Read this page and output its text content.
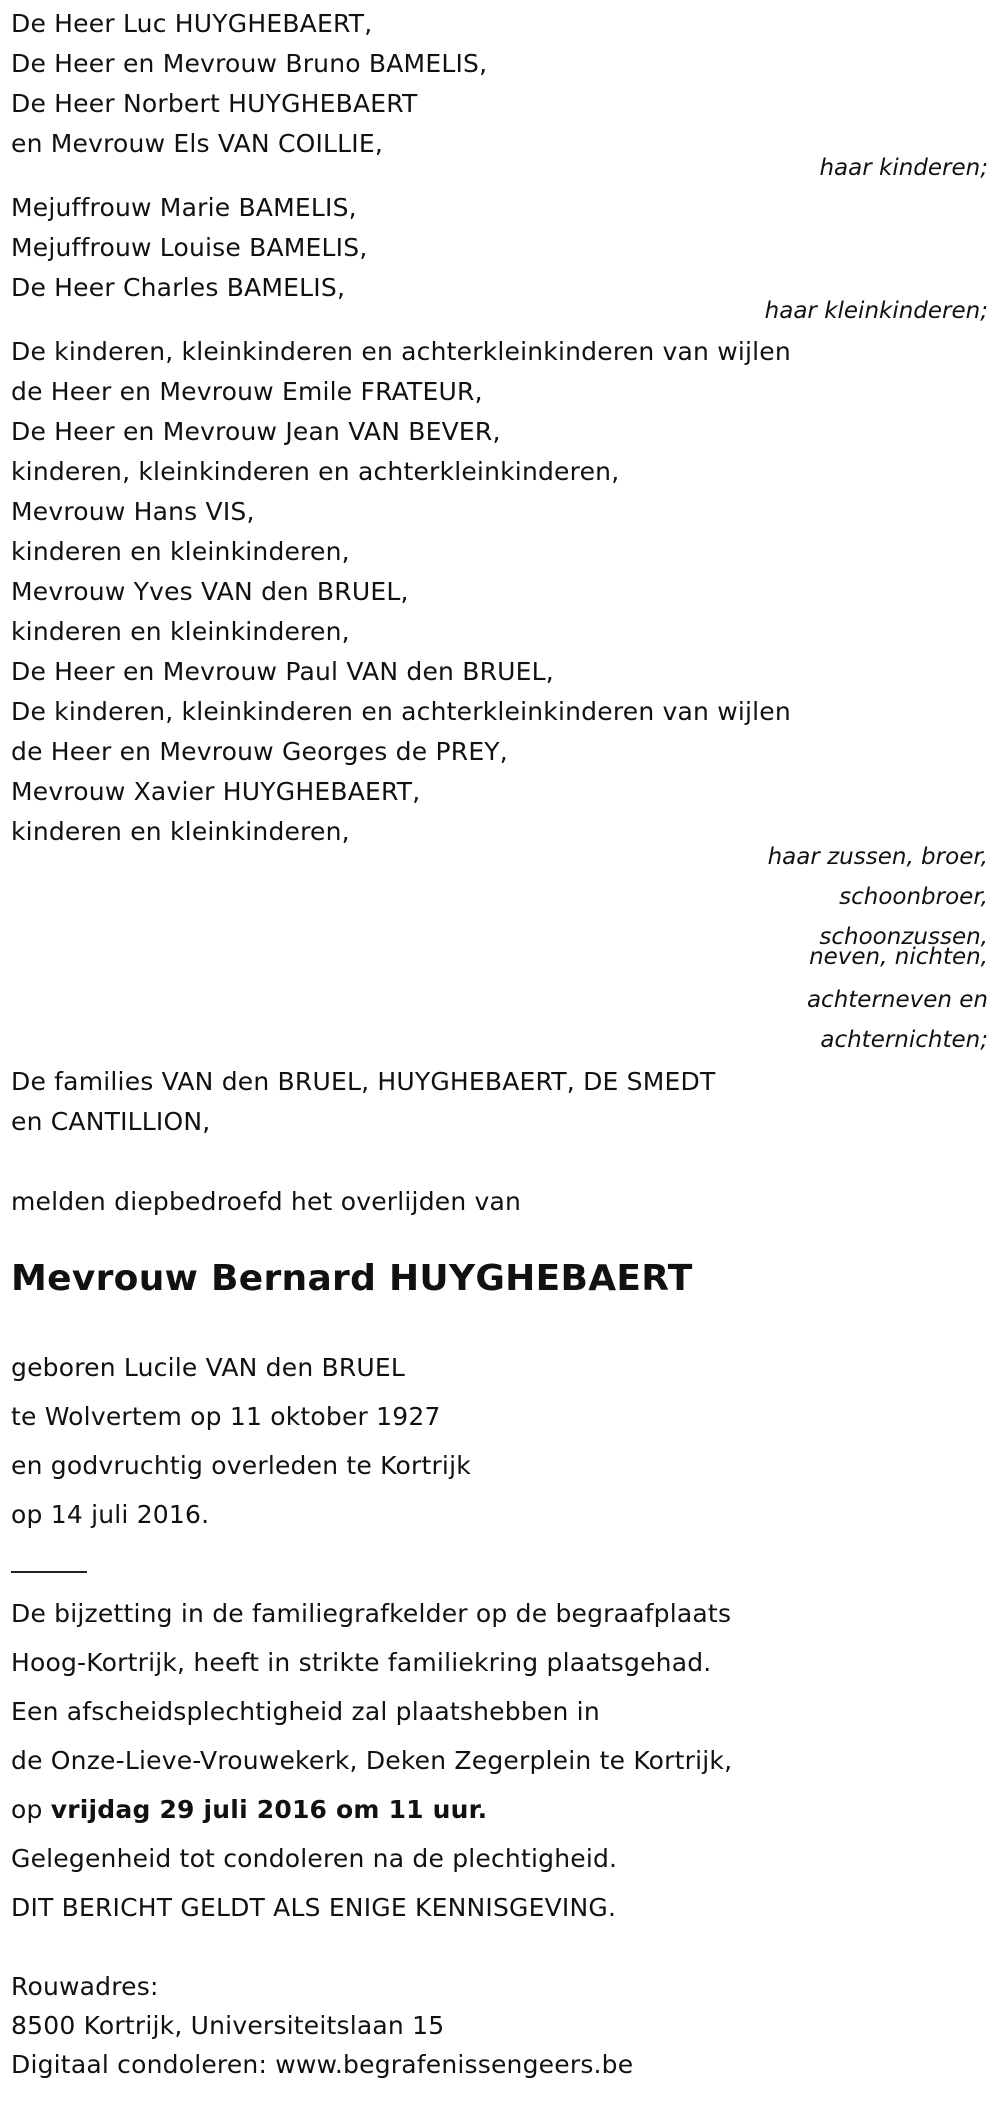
De Heer Luc HUYGHEBAERT,
De Heer en Mevrouw Bruno BAMELIS,
De Heer Norbert HUYGHEBAERT
en Mevrouw Els VAN COILLIE,
haar kinderen;
Mejuffrouw Marie BAMELIS,
Mejuffrouw Louise BAMELIS,
De Heer Charles BAMELIS,
haar kleinkinderen;
De kinderen, kleinkinderen en achterkleinkinderen van wijlen
de Heer en Mevrouw Emile FRATEUR,
De Heer en Mevrouw Jean VAN BEVER,
kinderen, kleinkinderen en achterkleinkinderen,
Mevrouw Hans VIS,
kinderen en kleinkinderen,
Mevrouw Yves VAN den BRUEL,
kinderen en kleinkinderen,
De Heer en Mevrouw Paul VAN den BRUEL,
De kinderen, kleinkinderen en achterkleinkinderen van wijlen
de Heer en Mevrouw Georges de PREY,
Mevrouw Xavier HUYGHEBAERT,
kinderen en kleinkinderen,
haar zussen, broer,
schoonbroer,
schoonzussen,
neven, nichten,
achterneven en
achternichten;
De families VAN den BRUEL, HUYGHEBAERT, DE SMEDT
en CANTILLION,
melden diepbedroefd het overlijden van
Mevrouw Bernard HUYGHEBAERT
geboren Lucile VAN den BRUEL
te Wolvertem op 11 oktober 1927
en godvruchtig overleden te Kortrijk
op 14 juli 2016.
De bijzetting in de familiegrafkelder op de begraafplaats
Hoog-Kortrijk, heeft in strikte familiekring plaatsgehad.
Een afscheidsplechtigheid zal plaatshebben in
de Onze-Lieve-Vrouwekerk, Deken Zegerplein te Kortrijk,
op vrijdag 29 juli 2016 om 11 uur.
Gelegenheid tot condoleren na de plechtigheid.
DIT BERICHT GELDT ALS ENIGE KENNISGEVING.
Rouwadres:
8500 Kortrijk, Universiteitslaan 15
Digitaal condoleren: www.begrafenissengeers.be
